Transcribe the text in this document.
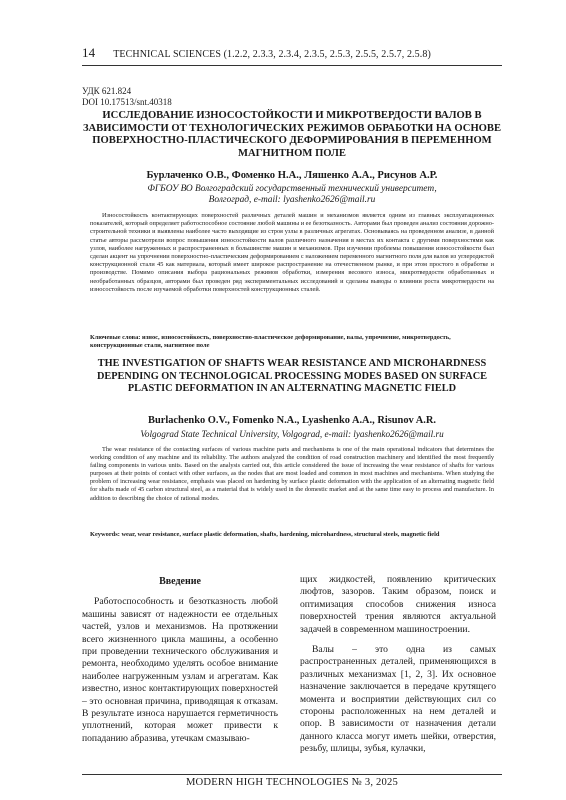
14 TECHNICAL SCIENCES (1.2.2, 2.3.3, 2.3.4, 2.3.5, 2.5.3, 2.5.5, 2.5.7, 2.5.8)
УДК 621.824
DOI 10.17513/snt.40318
ИССЛЕДОВАНИЕ ИЗНОСОСТОЙКОСТИ И МИКРОТВЕРДОСТИ ВАЛОВ В ЗАВИСИМОСТИ ОТ ТЕХНОЛОГИЧЕСКИХ РЕЖИМОВ ОБРАБОТКИ НА ОСНОВЕ ПОВЕРХНОСТНО-ПЛАСТИЧЕСКОГО ДЕФОРМИРОВАНИЯ В ПЕРЕМЕННОМ МАГНИТНОМ ПОЛЕ
Бурлаченко О.В., Фоменко Н.А., Ляшенко А.А., Рисунов А.Р.
ФГБОУ ВО Волгоградский государственный технический университет,
Волгоград, e-mail: lyashenko2626@mail.ru
Износостойкость контактирующих поверхностей различных деталей машин и механизмов является одним из главных эксплуатационных показателей, который определяет работоспособное состояние любой машины и ее безотказность. Авторами был проведен анализ состояния дорожно-строительной техники и выявлены наиболее часто выходящие из строя узлы в различных агрегатах. Основываясь на проведенном анализе, в данной статье авторы рассмотрели вопрос повышения износостойкости валов различного назначения в местах их контакта с другими поверхностями как узлов, наиболее нагруженных и распространенных в большинстве машин и механизмов. При изучении проблемы повышения износостойкости был сделан акцент на упрочнении поверхностно-пластическим деформированием с наложением переменного магнитного поля для валов из углеродистой конструкционной стали 45 как материала, который имеет широкое распространение на отечественном рынке, и при этом простого в обработке и производстве. Помимо описания выбора рациональных режимов обработки, измерения весового износа, микротвердости обработанных и необработанных образцов, авторами был проведен ряд экспериментальных исследований и сделаны выводы о влиянии роста микротвердости на износостойкость после изучаемой обработки поверхностей конструкционных сталей.
Ключевые слова: износ, износостойкость, поверхностно-пластическое деформирование, валы, упрочнение, микротвердость, конструкционные стали, магнитное поле
THE INVESTIGATION OF SHAFTS WEAR RESISTANCE AND MICROHARDNESS DEPENDING ON TECHNOLOGICAL PROCESSING MODES BASED ON SURFACE PLASTIC DEFORMATION IN AN ALTERNATING MAGNETIC FIELD
Burlachenko O.V., Fomenko N.A., Lyashenko A.A., Risunov A.R.
Volgograd State Technical University, Volgograd, e-mail: lyashenko2626@mail.ru
The wear resistance of the contacting surfaces of various machine parts and mechanisms is one of the main operational indicators that determines the working condition of any machine and its reliability. The authors analyzed the condition of road construction machinery and identified the most frequently failing components in various units. Based on the analysis carried out, this article considered the issue of increasing the wear resistance of shafts for various purposes at their points of contact with other surfaces, as the nodes that are most loaded and common in most machines and mechanisms. When studying the problem of increasing wear resistance, emphasis was placed on hardening by surface plastic deformation with the application of an alternating magnetic field for shafts made of 45 carbon structural steel, as a material that is widely used in the domestic market and at the same time easy to process and manufacture. In addition to describing the choice of rational modes.
Keywords: wear, wear resistance, surface plastic deformation, shafts, hardening, microhardness, structural steels, magnetic field
Введение

Работоспособность и безотказность любой машины зависят от надежности ее отдельных частей, узлов и механизмов. На протяжении всего жизненного цикла машины, а особенно при проведении технического обслуживания и ремонта, необходимо уделять особое внимание наиболее нагруженным узлам и агрегатам. Как известно, износ контактирующих поверхностей – это основная причина, приводящая к отказам. В результате износа нарушается герметичность уплотнений, которая может привести к попаданию абразива, утечкам смазываю-

щих жидкостей, появлению критических люфтов, зазоров. Таким образом, поиск и оптимизация способов снижения износа поверхностей трения являются актуальной задачей в современном машиностроении.

Валы – это одна из самых распространенных деталей, применяющихся в различных механизмах [1, 2, 3]. Их основное назначение заключается в передаче крутящего момента и восприятии действующих сил со стороны расположенных на нем деталей и опор. В зависимости от назначения детали данного класса могут иметь шейки, отверстия, резьбу, шлицы, зубья, кулачки,

MODERN HIGH TECHNOLOGIES № 3, 2025
